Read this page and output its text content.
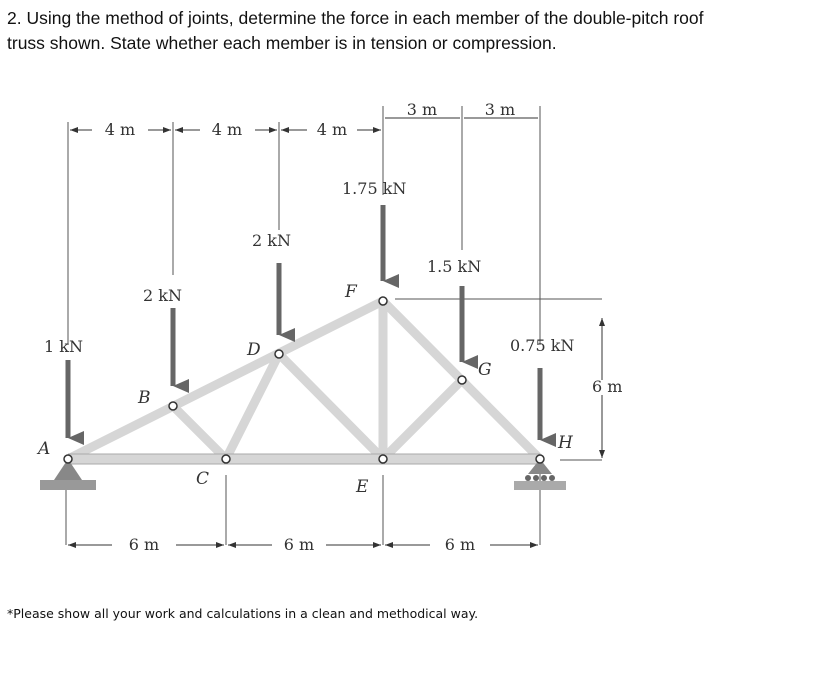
2. Using the method of joints, determine the force in each member of the double-pitch roof
truss shown. State whether each member is in tension or compression.
4 m	4 m	4 m
3 m	3 m
6 m	6 m	6 m
6 m
1 kN
2 kN
2 kN
1.75 kN
1.5 kN
0.75 kN
A
B
C
D
E
F
G
H
*Please show all your work and calculations in a clean and methodical way.
